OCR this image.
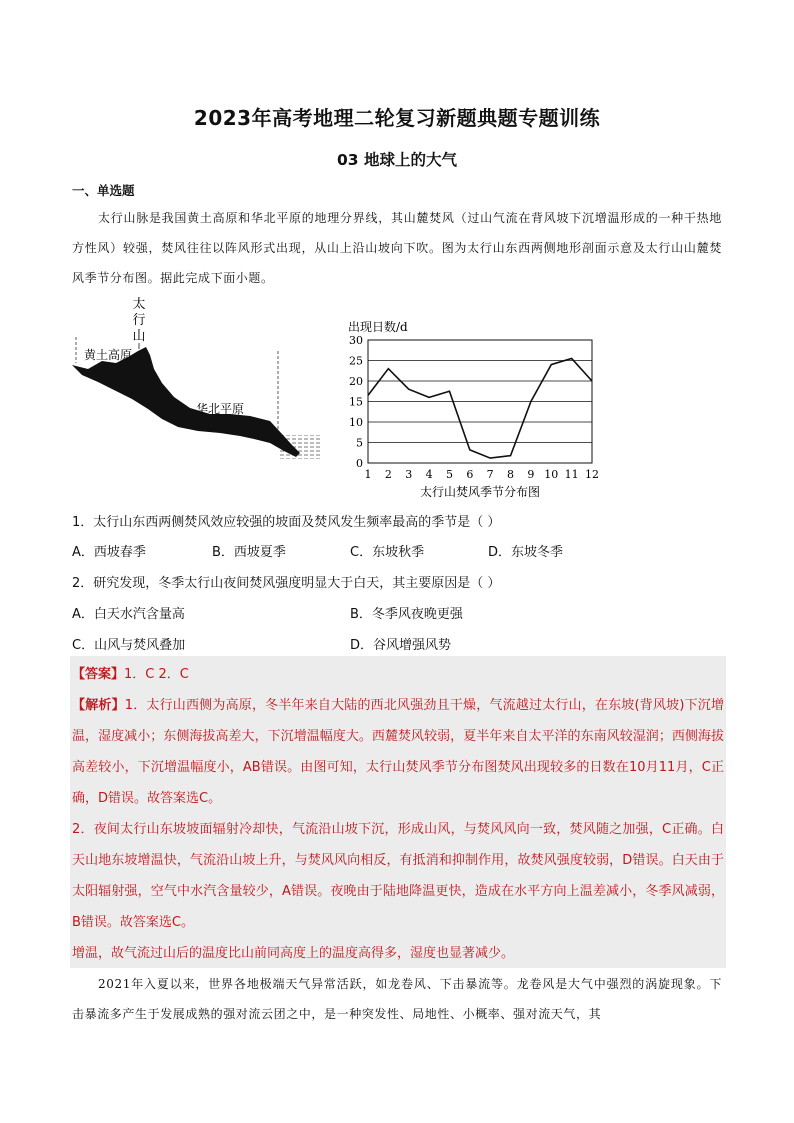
2023年高考地理二轮复习新题典题专题训练
03 地球上的大气
一、单选题
太行山脉是我国黄土高原和华北平原的地理分界线，其山麓焚风（过山气流在背风坡下沉增温形成的一种干热地方性风）较强，焚风往往以阵风形式出现，从山上沿山坡向下吹。图为太行山东西两侧地形剖面示意及太行山山麓焚风季节分布图。据此完成下面小题。
太
行
山
黄土高原
华北平原
0
5
10
15
20
25
30
1 2 3 4 5 6 7 8 9 10 11 12
出现日数/d
太行山焚风季节分布图
1．太行山东西两侧焚风效应较强的坡面及焚风发生频率最高的季节是（ ）
A．西坡春季	B．西坡夏季	C．东坡秋季	D．东坡冬季
2．研究发现，冬季太行山夜间焚风强度明显大于白天，其主要原因是（ ）
A．白天水汽含量高	B．冬季风夜晚更强
C．山风与焚风叠加	D．谷风增强风势
【答案】1．C 2．C
【解析】1．太行山西侧为高原，冬半年来自大陆的西北风强劲且干燥，气流越过太行山，在东坡(背风坡)下沉增温，湿度减小；东侧海拔高差大，下沉增温幅度大。西麓焚风较弱，夏半年来自太平洋的东南风较湿润；西侧海拔高差较小，下沉增温幅度小，AB错误。由图可知，太行山焚风季节分布图焚风出现较多的日数在10月11月，C正确，D错误。故答案选C。
2．夜间太行山东坡坡面辐射冷却快，气流沿山坡下沉，形成山风，与焚风风向一致，焚风随之加强，C正确。白天山地东坡增温快，气流沿山坡上升，与焚风风向相反，有抵消和抑制作用，故焚风强度较弱，D错误。白天由于太阳辐射强，空气中水汽含量较少，A错误。夜晚由于陆地降温更快，造成在水平方向上温差减小，冬季风减弱，B错误。故答案选C。
增温，故气流过山后的温度比山前同高度上的温度高得多，湿度也显著减少。
2021年入夏以来，世界各地极端天气异常活跃，如龙卷风、下击暴流等。龙卷风是大气中强烈的涡旋现象。下击暴流多产生于发展成熟的强对流云团之中，是一种突发性、局地性、小概率、强对流天气，其
